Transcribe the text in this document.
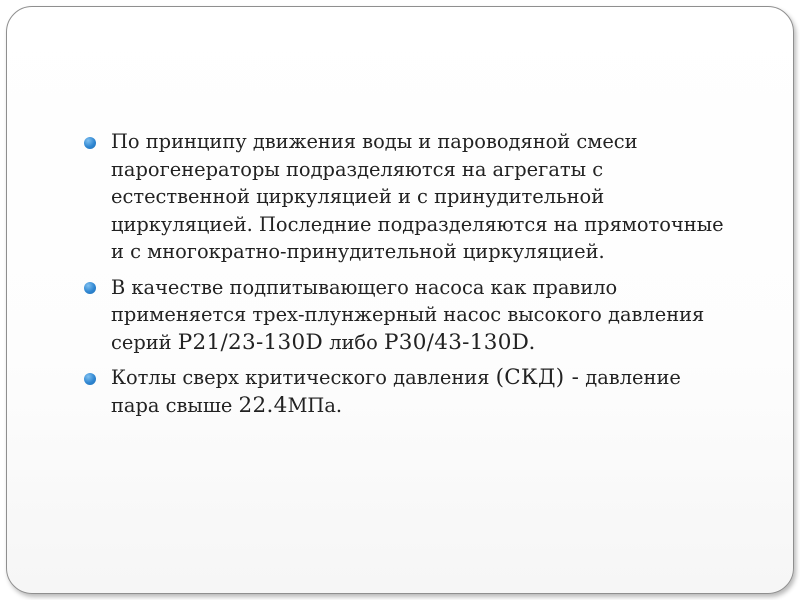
По принципу движения воды и пароводяной смеси парогенераторы подразделяются на агрегаты с естественной циркуляцией и с принудительной циркуляцией. Последние подразделяются на прямоточные и с многократно-принудительной циркуляцией.
В качестве подпитывающего насоса как правило применяется трех-плунжерный насос высокого давления серий P21/23-130D либо P30/43-130D.
Котлы сверх критического давления (СКД) - давление пара свыше 22.4МПа.
